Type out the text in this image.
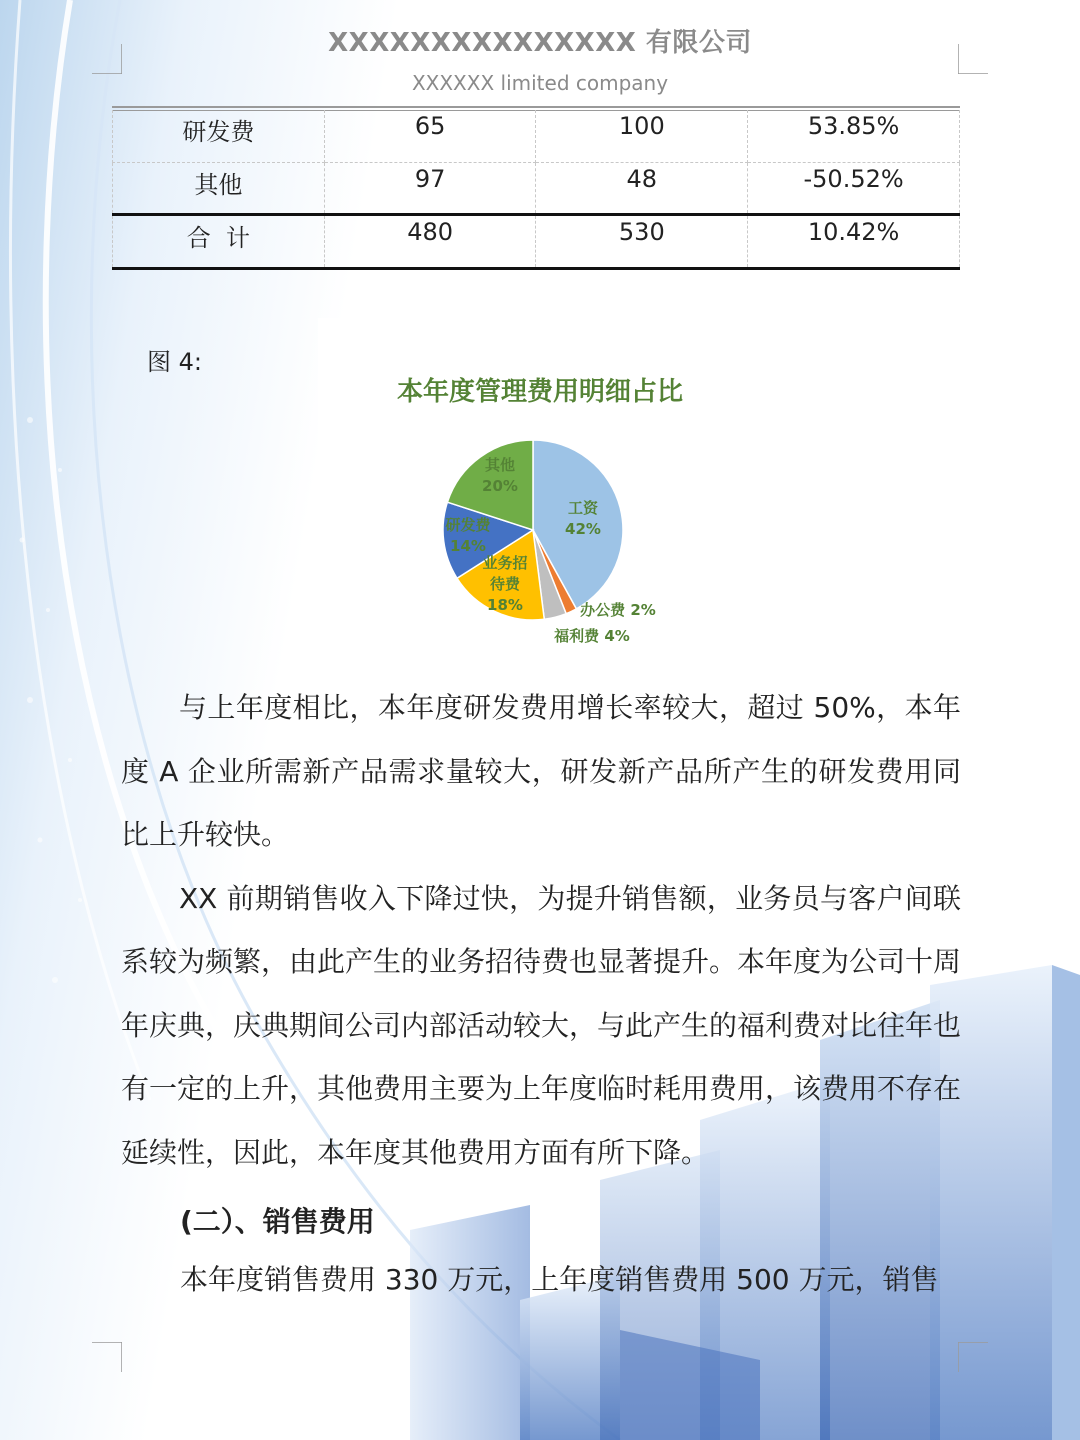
XXXXXXXXXXXXXXX 有限公司
XXXXXX limited company
研发费	65	100	53.85%
其他	97	48	-50.52%
合  计	480	530	10.42%
图 4:
本年度管理费用明细占比
工资 42%
办公费 2%
福利费 4%
业务招待费 18%
研发费 14%
其他 20%

与上年度相比，本年度研发费用增长率较大，超过 50%，本年度 A 企业所需新产品需求量较大，研发新产品所产生的研发费用同比上升较快。

XX 前期销售收入下降过快，为提升销售额，业务员与客户间联系较为频繁，由此产生的业务招待费也显著提升。本年度为公司十周年庆典，庆典期间公司内部活动较大，与此产生的福利费对比往年也有一定的上升，其他费用主要为上年度临时耗用费用，该费用不存在延续性，因此，本年度其他费用方面有所下降。

(二）、销售费用
本年度销售费用 330 万元，上年度销售费用 500 万元，销售
